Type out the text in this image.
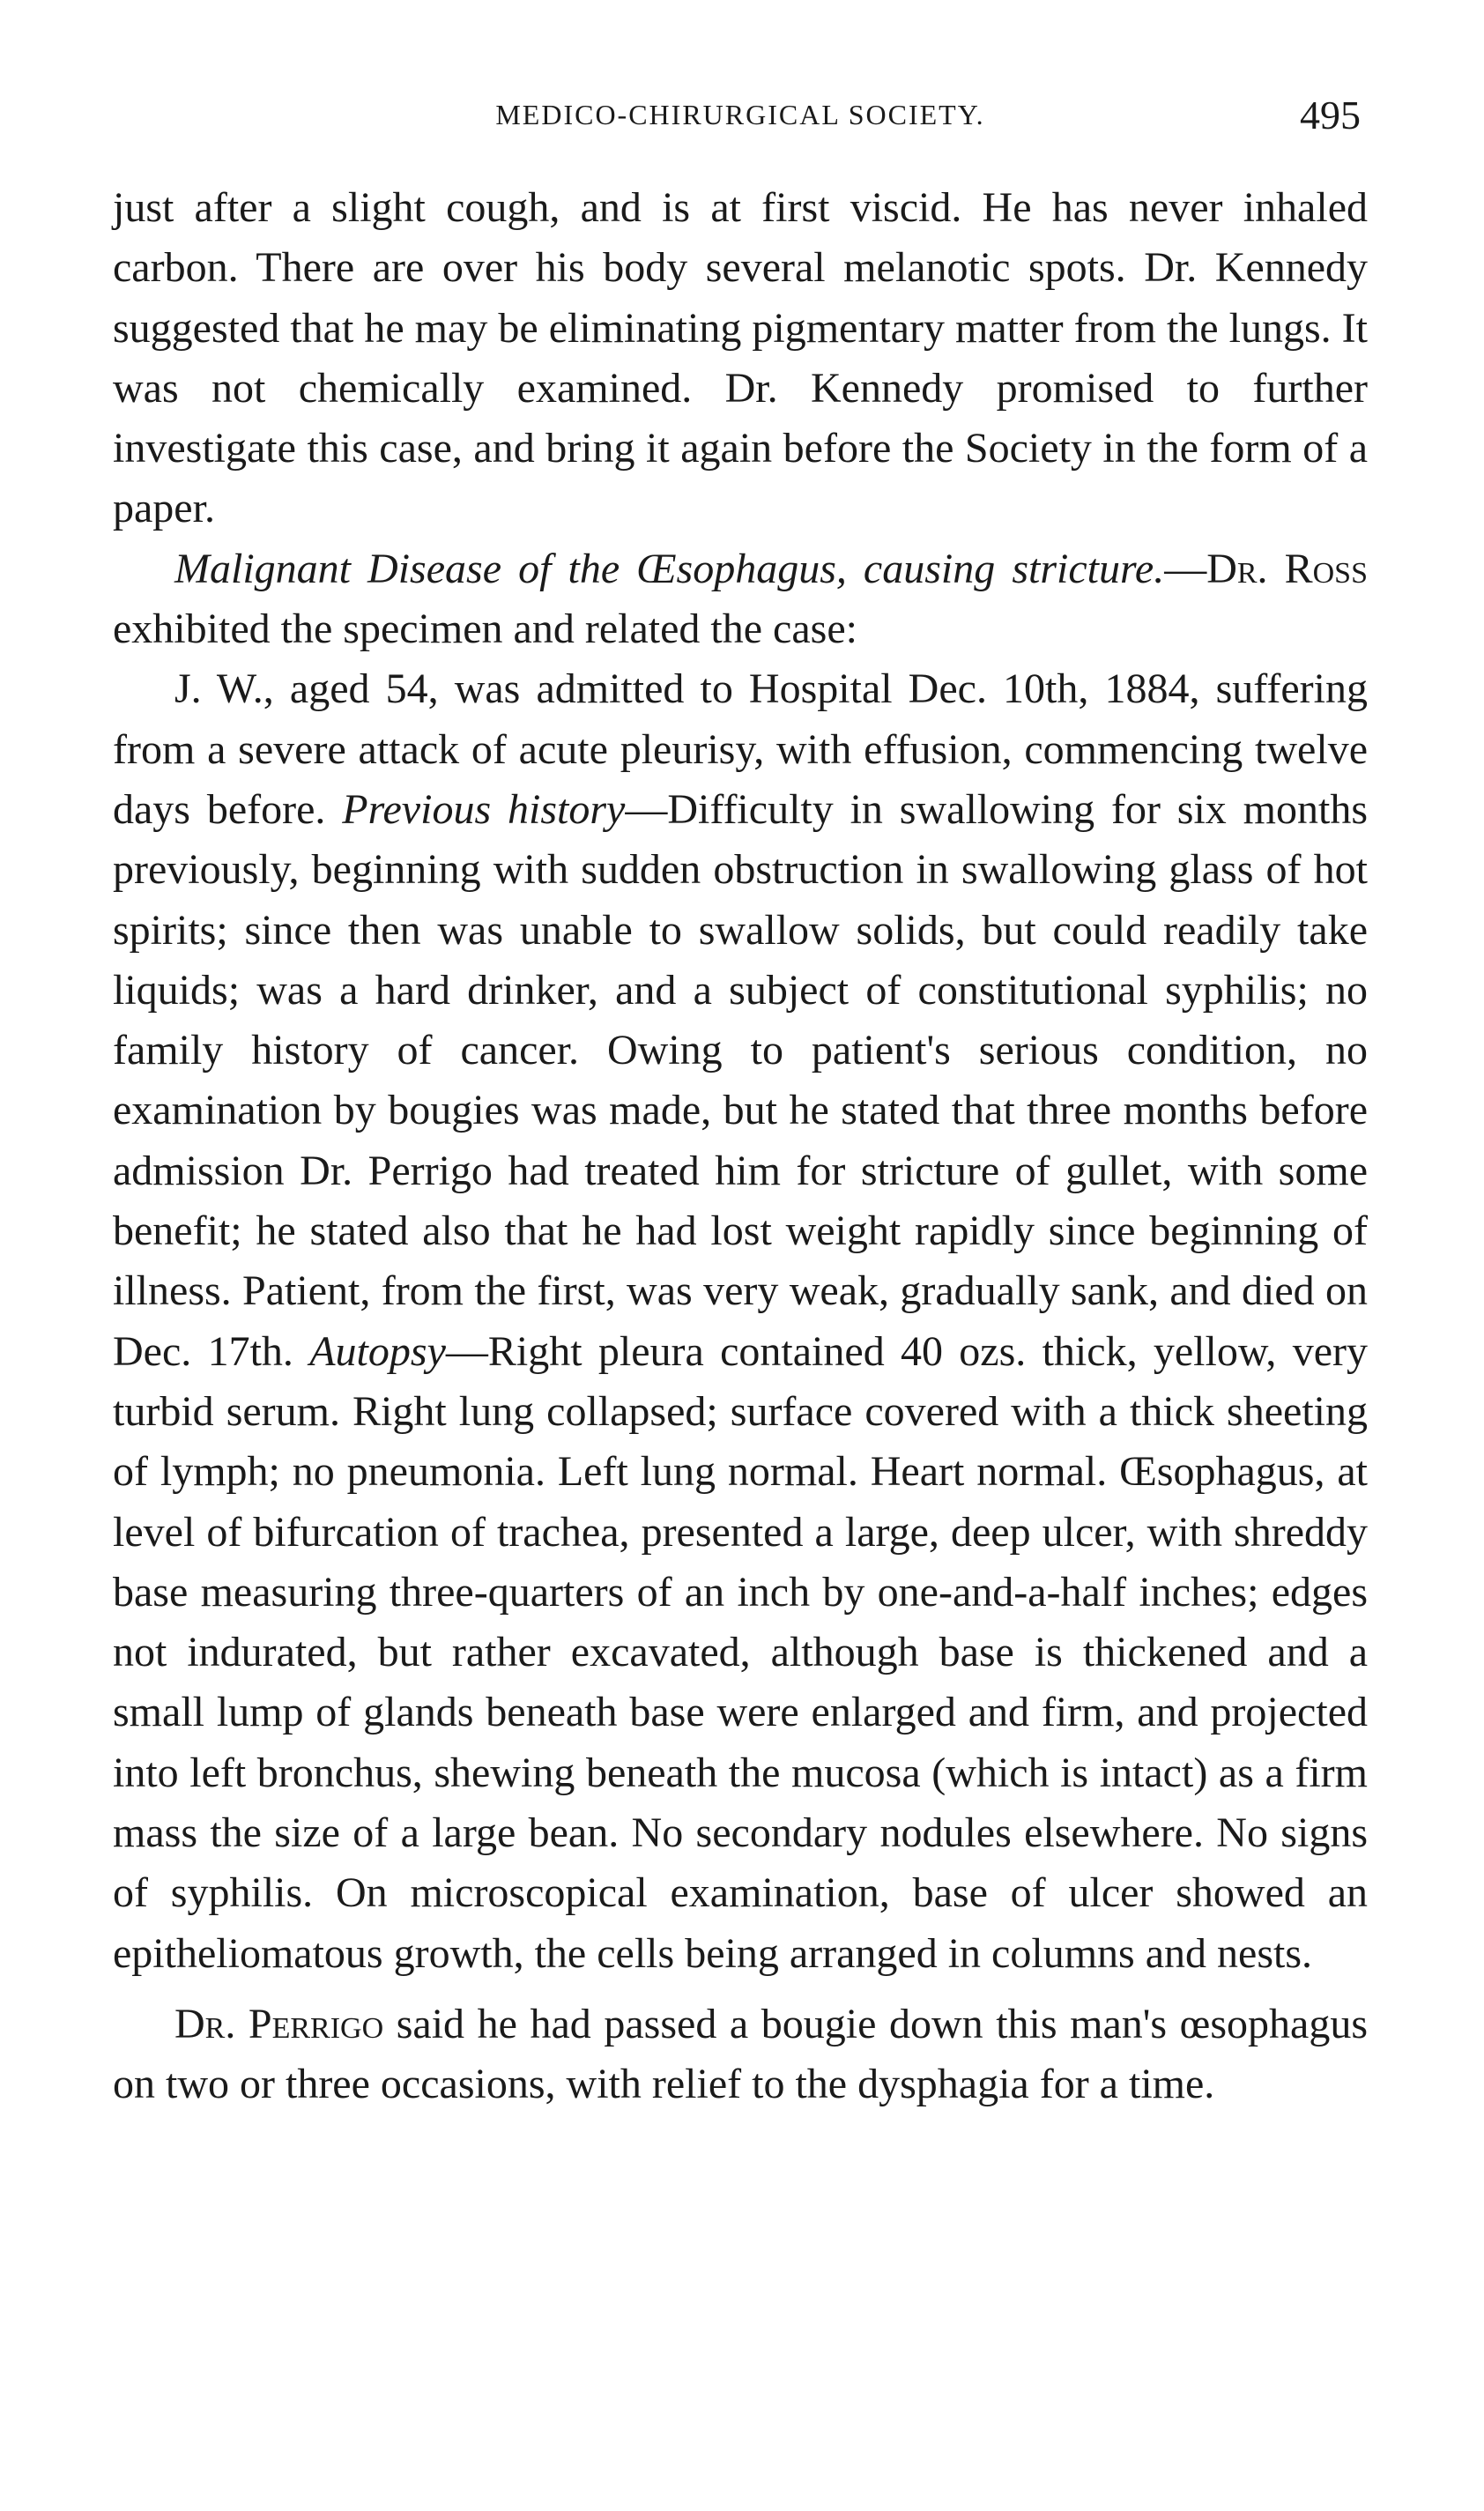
MEDICO-CHIRURGICAL SOCIETY.	495

just after a slight cough, and is at first viscid. He has never inhaled carbon. There are over his body several melanotic spots. Dr. Kennedy suggested that he may be eliminating pigmentary matter from the lungs. It was not chemically examined. Dr. Kennedy promised to further investigate this case, and bring it again before the Society in the form of a paper.

Malignant Disease of the Œsophagus, causing stricture.—Dr. Ross exhibited the specimen and related the case:

J. W., aged 54, was admitted to Hospital Dec. 10th, 1884, suffering from a severe attack of acute pleurisy, with effusion, commencing twelve days before. Previous history—Difficulty in swallowing for six months previously, beginning with sudden obstruction in swallowing glass of hot spirits; since then was unable to swallow solids, but could readily take liquids; was a hard drinker, and a subject of constitutional syphilis; no family history of cancer. Owing to patient's serious condition, no examination by bougies was made, but he stated that three months before admission Dr. Perrigo had treated him for stricture of gullet, with some benefit; he stated also that he had lost weight rapidly since beginning of illness. Patient, from the first, was very weak, gradually sank, and died on Dec. 17th. Autopsy—Right pleura contained 40 ozs. thick, yellow, very turbid serum. Right lung collapsed; surface covered with a thick sheeting of lymph; no pneumonia. Left lung normal. Heart normal. Œsophagus, at level of bifurcation of trachea, presented a large, deep ulcer, with shreddy base measuring three-quarters of an inch by one-and-a-half inches; edges not indurated, but rather excavated, although base is thickened and a small lump of glands beneath base were enlarged and firm, and projected into left bronchus, shewing beneath the mucosa (which is intact) as a firm mass the size of a large bean. No secondary nodules elsewhere. No signs of syphilis. On microscopical examination, base of ulcer showed an epitheliomatous growth, the cells being arranged in columns and nests.

Dr. Perrigo said he had passed a bougie down this man's œsophagus on two or three occasions, with relief to the dysphagia for a time.
